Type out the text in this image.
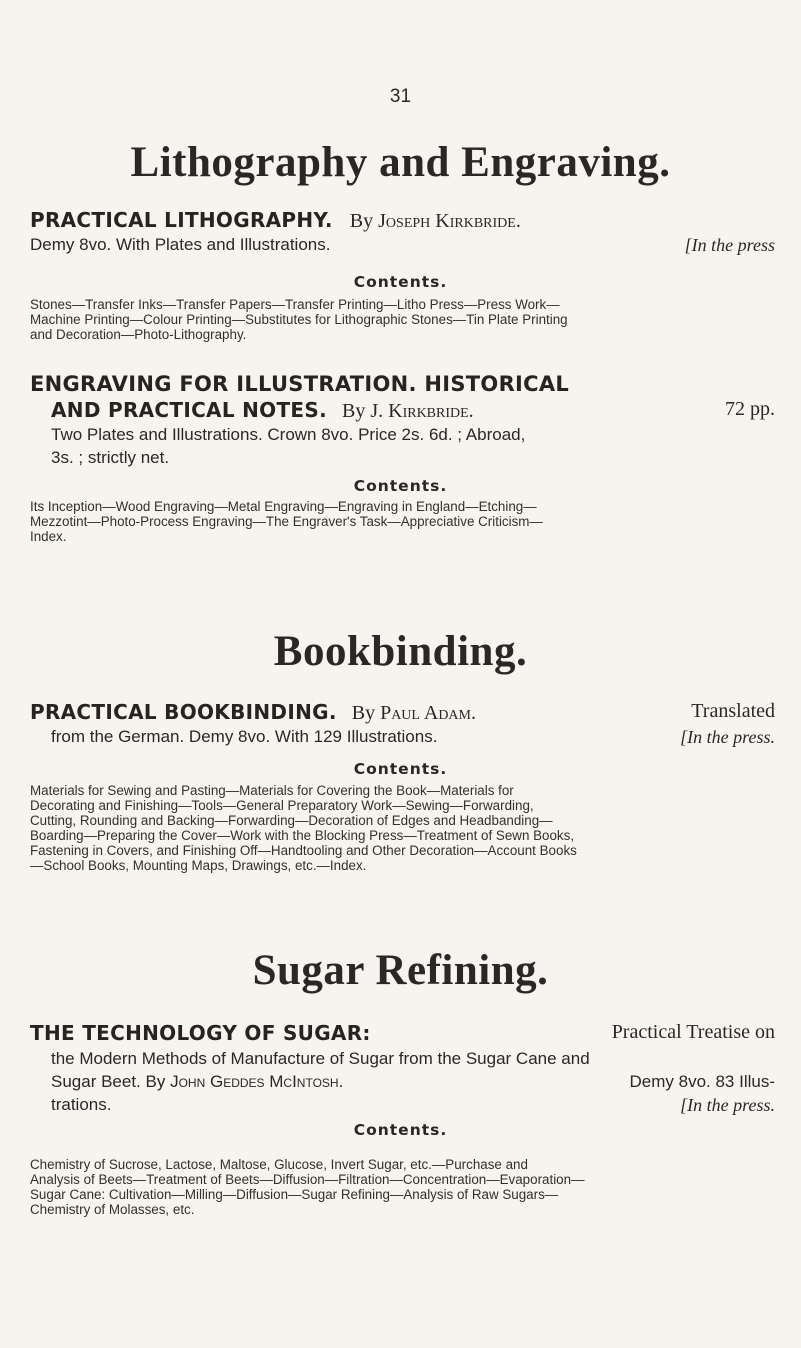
31
Lithography and Engraving.
PRACTICAL LITHOGRAPHY. By Joseph Kirkbride.
Demy 8vo. With Plates and Illustrations.	[In the press
Contents.
Stones—Transfer Inks—Transfer Papers—Transfer Printing—Litho Press—Press Work—
Machine Printing—Colour Printing—Substitutes for Lithographic Stones—Tin Plate Printing
and Decoration—Photo-Lithography.
ENGRAVING FOR ILLUSTRATION. HISTORICAL
AND PRACTICAL NOTES. By J. Kirkbride.	72 pp.
Two Plates and Illustrations. Crown 8vo. Price 2s. 6d. ; Abroad,
3s. ; strictly net.
Contents.
Its Inception—Wood Engraving—Metal Engraving—Engraving in England—Etching—
Mezzotint—Photo-Process Engraving—The Engraver's Task—Appreciative Criticism—
Index.
Bookbinding.
PRACTICAL BOOKBINDING. By Paul Adam.	Translated
from the German. Demy 8vo. With 129 Illustrations.	[In the press.
Contents.
Materials for Sewing and Pasting—Materials for Covering the Book—Materials for
Decorating and Finishing—Tools—General Preparatory Work—Sewing—Forwarding,
Cutting, Rounding and Backing—Forwarding—Decoration of Edges and Headbanding—
Boarding—Preparing the Cover—Work with the Blocking Press—Treatment of Sewn Books,
Fastening in Covers, and Finishing Off—Handtooling and Other Decoration—Account Books
—School Books, Mounting Maps, Drawings, etc.—Index.
Sugar Refining.
THE TECHNOLOGY OF SUGAR:	Practical Treatise on
the Modern Methods of Manufacture of Sugar from the Sugar Cane and
Sugar Beet. By John Geddes McIntosh.	Demy 8vo. 83 Illus-
trations.	[In the press.
Contents.
Chemistry of Sucrose, Lactose, Maltose, Glucose, Invert Sugar, etc.—Purchase and
Analysis of Beets—Treatment of Beets—Diffusion—Filtration—Concentration—Evaporation—
Sugar Cane: Cultivation—Milling—Diffusion—Sugar Refining—Analysis of Raw Sugars—
Chemistry of Molasses, etc.
